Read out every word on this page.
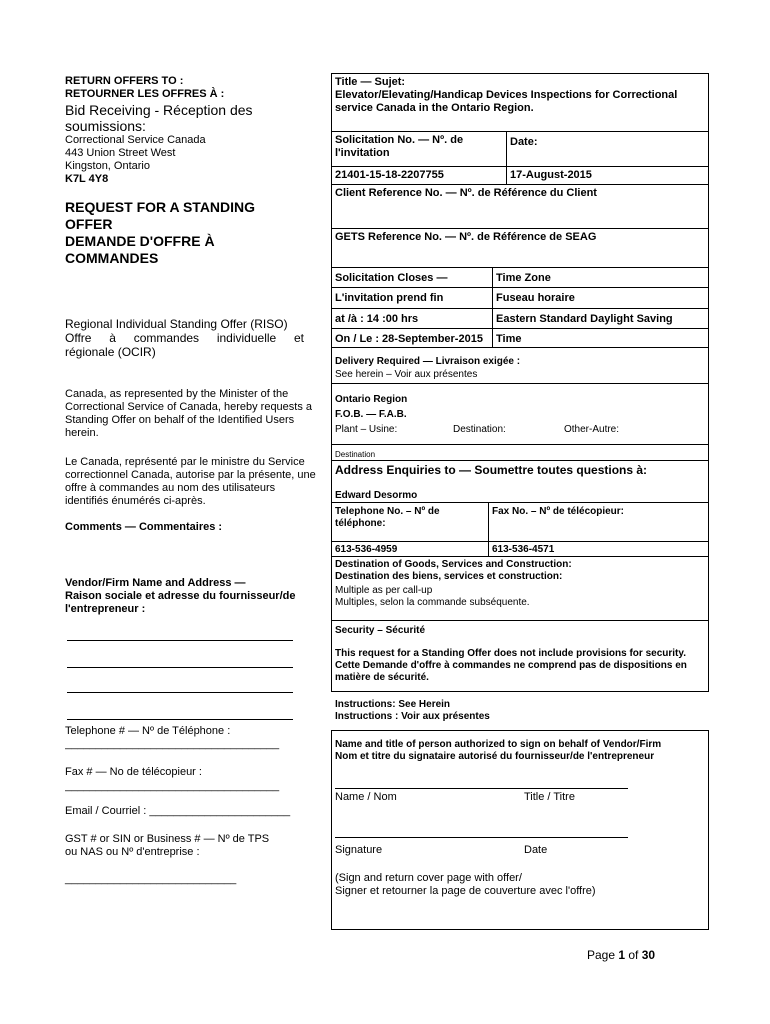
RETURN OFFERS TO :
RETOURNER LES OFFRES À :
Bid Receiving - Réception des
soumissions:
Correctional Service Canada
443 Union Street West
Kingston, Ontario
K7L 4Y8
REQUEST FOR A STANDING
OFFER
DEMANDE D'OFFRE À
COMMANDES
Regional Individual Standing Offer (RISO)
Offre à commandes individuelle et
régionale (OCIR)
Canada, as represented by the Minister of the
Correctional Service of Canada, hereby requests a
Standing Offer on behalf of the Identified Users
herein.
Le Canada, représenté par le ministre du Service
correctionnel Canada, autorise par la présente, une
offre à commandes au nom des utilisateurs
identifiés énumérés ci-après.
Comments — Commentaires :
Vendor/Firm Name and Address —
Raison sociale et adresse du fournisseur/de
l'entrepreneur :
Telephone # — Nº de Téléphone :
___________________________________
Fax # — No de télécopieur :
___________________________________
Email / Courriel : _______________________
GST # or SIN or Business # — Nº de TPS
ou NAS ou Nº d'entreprise :
____________________________
Title — Sujet:
Elevator/Elevating/Handicap Devices Inspections for Correctional
service Canada in the Ontario Region.
Solicitation No. — Nº. de
l'invitation
Date:
21401-15-18-2207755	17-August-2015
Client Reference No. — Nº. de Référence du Client
GETS Reference No. — Nº. de Référence de SEAG
Solicitation Closes —	Time Zone
L'invitation prend fin	Fuseau horaire
at /à : 14 :00 hrs	Eastern Standard Daylight Saving
On / Le : 28-September-2015 Time
Delivery Required — Livraison exigée :
See herein – Voir aux présentes
Ontario Region
F.O.B. — F.A.B.
Plant – Usine:	Destination:	Other-Autre:
Destination
Address Enquiries to — Soumettre toutes questions à:
Edward Desormo
Telephone No. – Nº de
téléphone:
Fax No. – Nº de télécopieur:
613-536-4959	613-536-4571
Destination of Goods, Services and Construction:
Destination des biens, services et construction:
Multiple as per call-up
Multiples, selon la commande subséquente.
Security – Sécurité
This request for a Standing Offer does not include provisions for security.
Cette Demande d'offre à commandes ne comprend pas de dispositions en
matière de sécurité.
Instructions: See Herein
Instructions : Voir aux présentes
Name and title of person authorized to sign on behalf of Vendor/Firm
Nom et titre du signataire autorisé du fournisseur/de l'entrepreneur
Name / Nom	Title / Titre
Signature	Date
(Sign and return cover page with offer/
Signer et retourner la page de couverture avec l'offre)
Page 1 of 30
